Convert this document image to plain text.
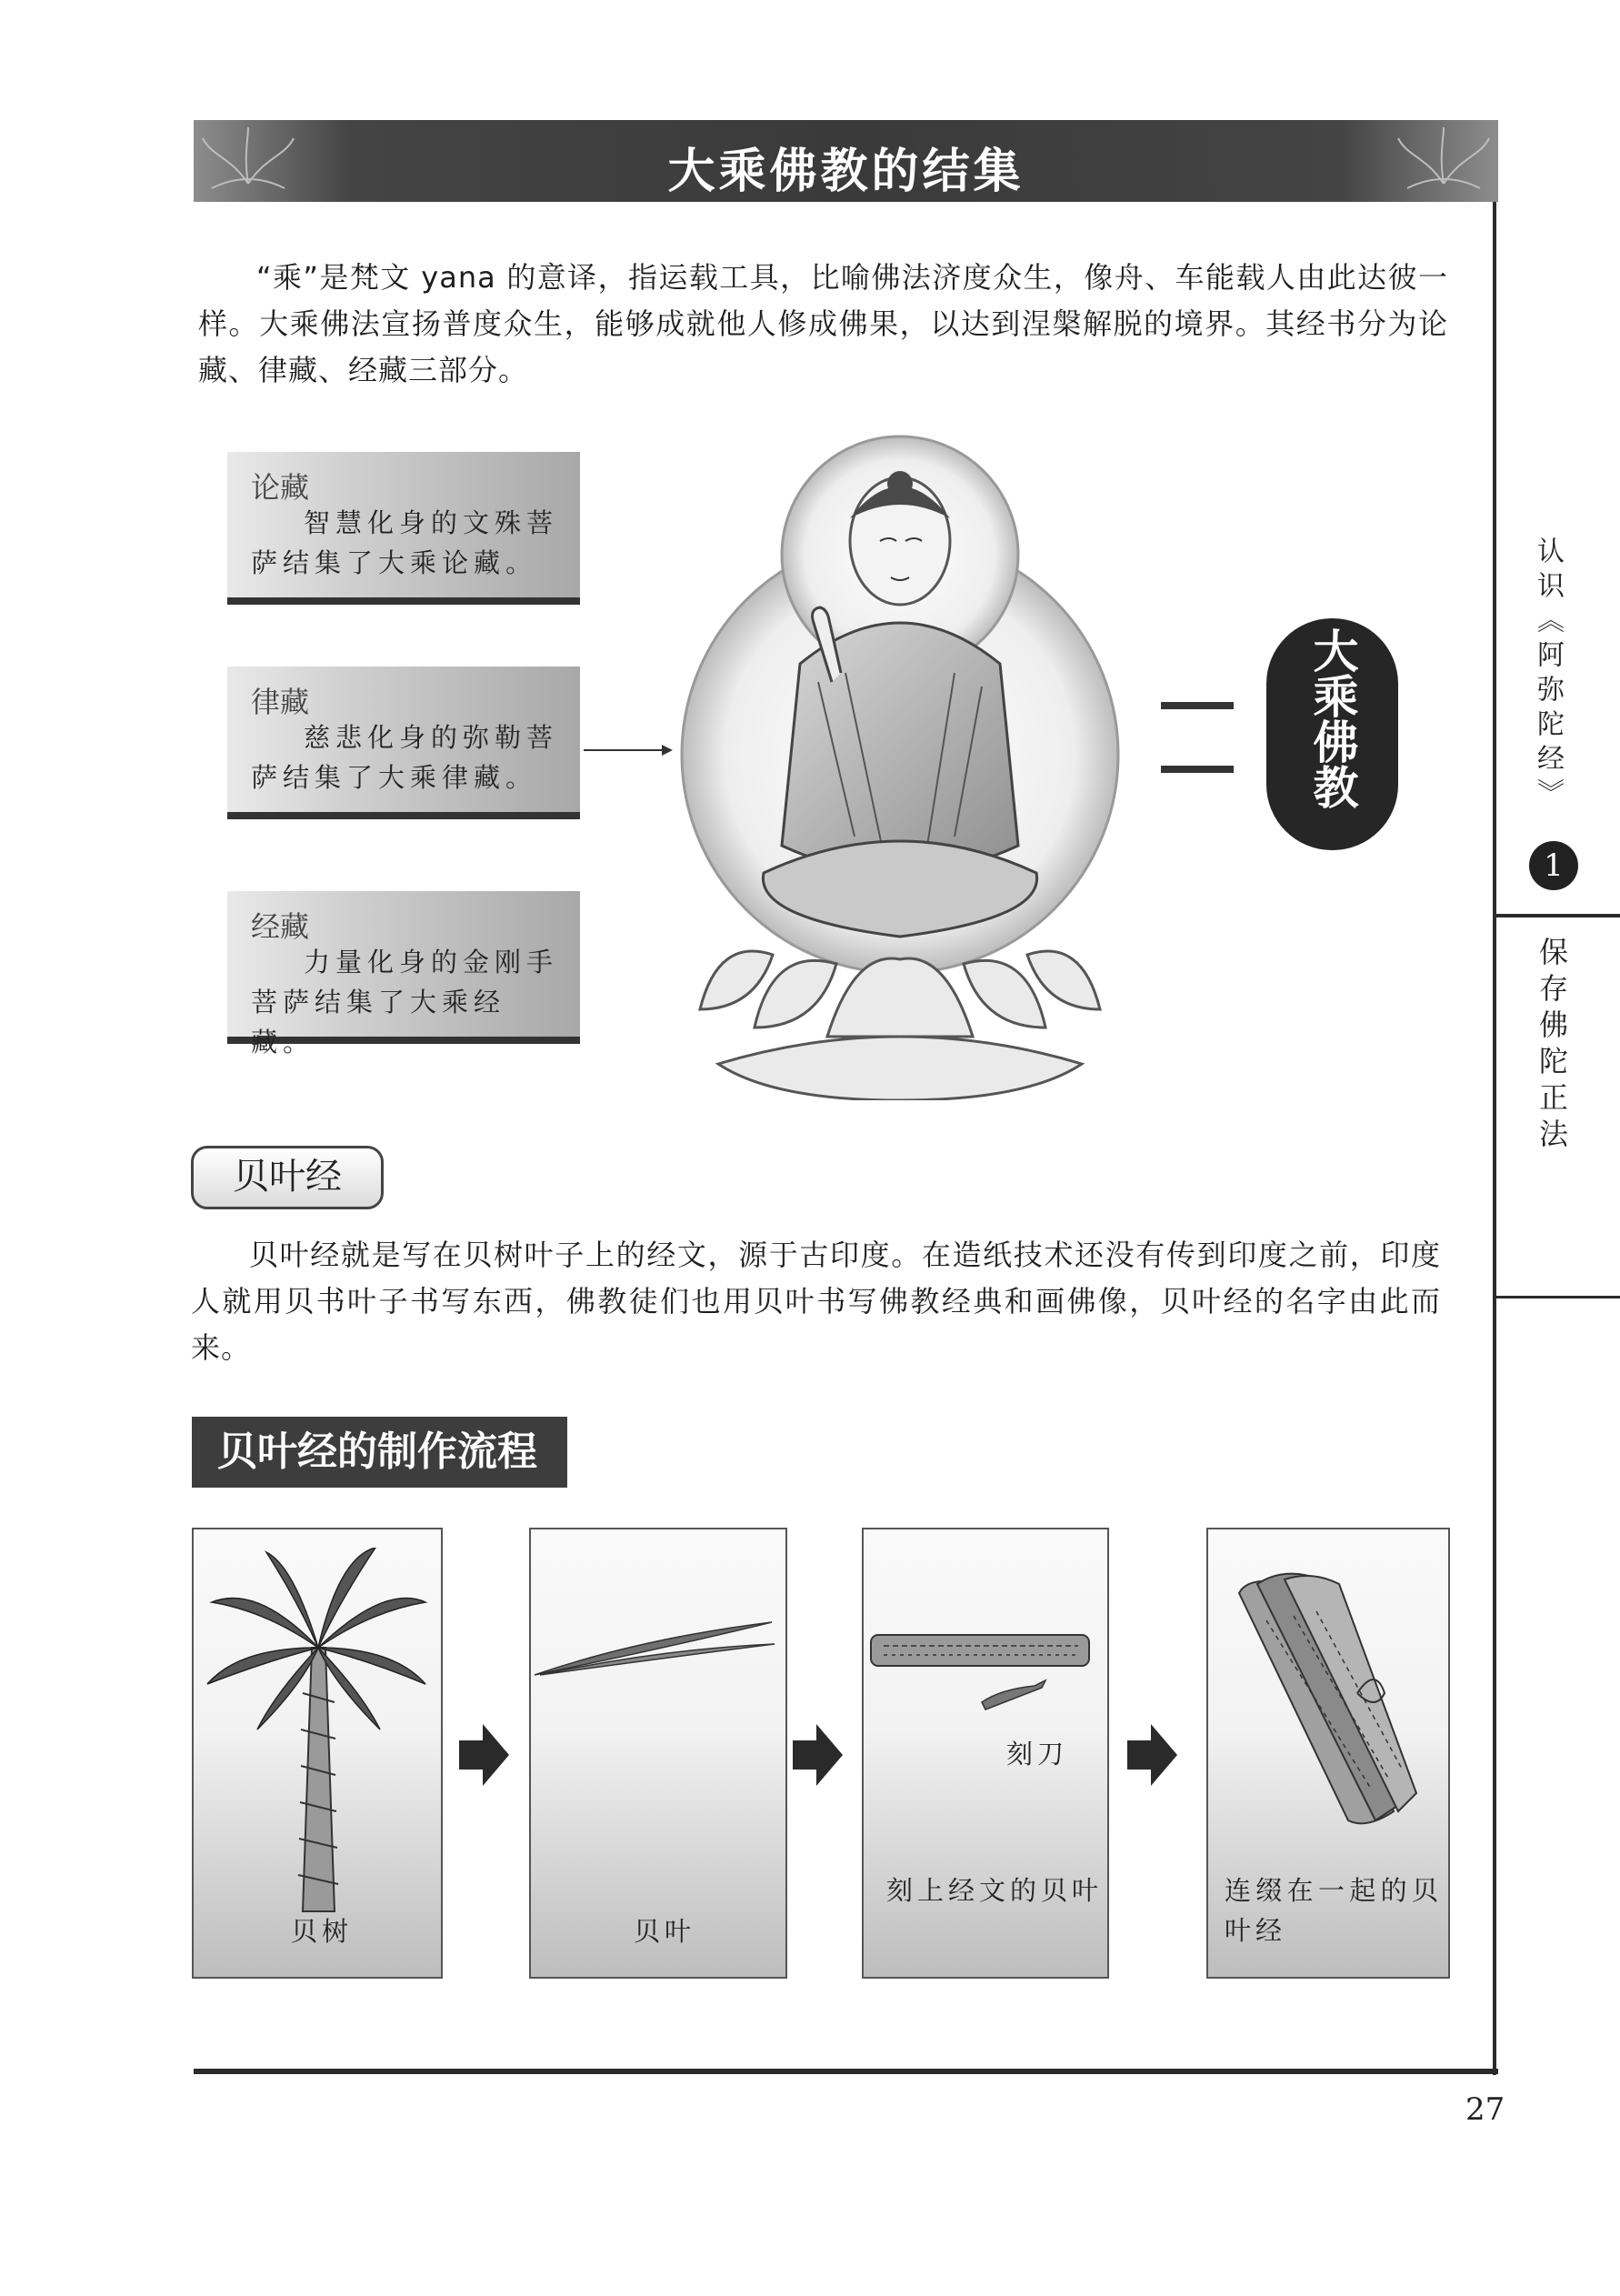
大乘佛教的结集
“乘”是梵文 yana 的意译，指运载工具，比喻佛法济度众生，像舟、车能载人由此达彼一样。大乘佛法宣扬普度众生，能够成就他人修成佛果，以达到涅槃解脱的境界。其经书分为论藏、律藏、经藏三部分。
论藏
智慧化身的文殊菩萨结集了大乘论藏。
律藏
慈悲化身的弥勒菩萨结集了大乘律藏。
经藏
力量化身的金刚手菩萨结集了大乘经藏。
大乘佛教	认识《阿弥陀经》
1
保存佛陀正法
贝叶经
贝叶经就是写在贝树叶子上的经文，源于古印度。在造纸技术还没有传到印度之前，印度人就用贝书叶子书写东西，佛教徒们也用贝叶书写佛教经典和画佛像，贝叶经的名字由此而来。
贝叶经的制作流程
贝树	贝叶
刻刀
刻上经文的贝叶	连缀在一起的贝叶经
27
